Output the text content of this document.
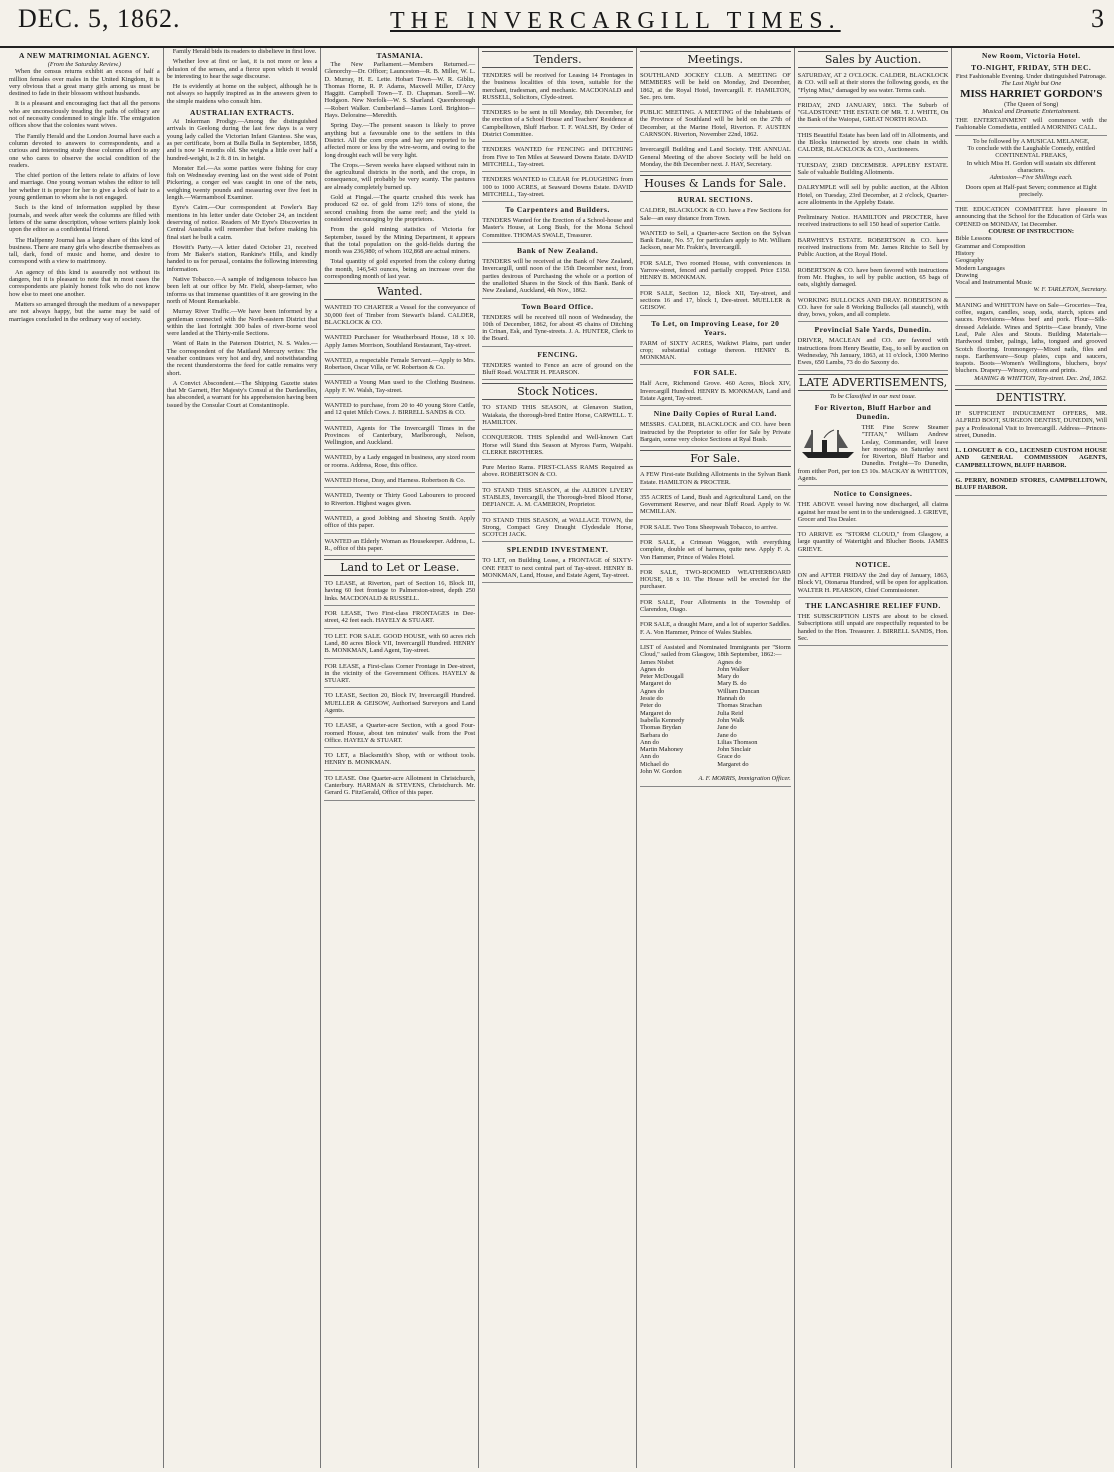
DEC. 5, 1862.	THE INVERCARGILL TIMES.	3
A NEW MATRIMONIAL AGENCY.
(From the Saturday Review.)

When the census returns exhibit an excess of half a million females over males in the United Kingdom, it is very obvious that a great many girls among us must be destined to fade in their blossom without husbands.

It is a pleasant and encouraging fact that all the persons who are unconsciously treading the paths of celibacy are not of necessity condemned to single life. The emigration offices show that the colonies want wives.

The Family Herald and the London Journal have each a column devoted to answers to correspondents, and a curious and interesting study these columns afford to any one who cares to observe the social condition of the readers.

The chief portion of the letters relate to affairs of love and marriage. One young woman wishes the editor to tell her whether it is proper for her to give a lock of hair to a young gentleman to whom she is not engaged.

Such is the kind of information supplied by these journals, and week after week the columns are filled with letters of the same description, whose writers plainly look upon the editor as a confidential friend.

The Halfpenny Journal has a large share of this kind of business. There are many girls who describe themselves as tall, dark, fond of music and home, and desire to correspond with a view to matrimony.

An agency of this kind is assuredly not without its dangers, but it is pleasant to note that in most cases the correspondents are plainly honest folk who do not know how else to meet one another.

Matters so arranged through the medium of a newspaper are not always happy, but the same may be said of marriages concluded in the ordinary way of society.

Family Herald bids its readers to disbelieve in first love.

Whether love at first or last, it is not more or less a delusion of the senses, and a fierce upon which it would be interesting to hear the sage discourse.

He is evidently at home on the subject, although he is not always so happily inspired as in the answers given to the simple maidens who consult him.

AUSTRALIAN EXTRACTS.

At Inkerman Prodigy.—Among the distinguished arrivals in Geelong during the last few days is a very young lady called the Victorian Infant Giantess. She was, as per certificate, born at Bulla Bulla in September, 1858, and is now 14 months old. She weighs a little over half a hundred-weight, is 2 ft. 8 in. in height.

Monster Eel.—As some parties were fishing for cray fish on Wednesday evening last on the west side of Point Pickering, a conger eel was caught in one of the nets, weighing twenty pounds and measuring over five feet in length.—Warrnambool Examiner.

Eyre's Cairn.—Our correspondent at Fowler's Bay mentions in his letter under date October 24, an incident deserving of notice. Readers of Mr Eyre's Discoveries in Central Australia will remember that before making his final start he built a cairn.

Howitt's Party.—A letter dated October 21, received from Mr Baker's station, Rankine's Hills, and kindly handed to us for perusal, contains the following interesting information.

Native Tobacco.—A sample of indigenous tobacco has been left at our office by Mr. Field, sheep-farmer, who informs us that immense quantities of it are growing in the north of Mount Remarkable.

Murray River Traffic.—We have been informed by a gentleman connected with the North-eastern District that within the last fortnight 300 bales of river-borne wool were landed at the Thirty-mile Sections.

Want of Rain in the Paterson District, N. S. Wales.—The correspondent of the Maitland Mercury writes: The weather continues very hot and dry, and notwithstanding the recent thunderstorms the feed for cattle remains very short.

A Convict Abscondent.—The Shipping Gazette states that Mr Garnett, Her Majesty's Consul at the Dardanelles, has absconded, a warrant for his apprehension having been issued by the Consular Court at Constantinople.

TASMANIA.

The New Parliament.—Members Returned.—Glenorchy—Dr. Officer; Launceston—R. B. Miller, W. L. D. Murray, H. E. Lette. Hobart Town—W. R. Giblin, Thomas Horne, R. P. Adams, Maxwell Miller, D'Arcy Haggitt. Campbell Town—T. D. Chapman. Sorell—W. Hodgson. New Norfolk—W. S. Sharland. Queenborough—Robert Walker. Cumberland—James Lord. Brighton—Hays. Deloraine—Meredith.

Spring Day.—The present season is likely to prove anything but a favourable one to the settlers in this District. All the corn crops and hay are reported to be affected more or less by the wire-worm, and owing to the long drought each will be very light.

The Crops.—Seven weeks have elapsed without rain in the agricultural districts in the north, and the crops, in consequence, will probably be very scanty. The pastures are already completely burned up.

Gold at Fingal.—The quartz crushed this week has produced 62 oz. of gold from 12½ tons of stone, the second crushing from the same reef; and the yield is considered encouraging by the proprietors.

From the gold mining statistics of Victoria for September, issued by the Mining Department, it appears that the total population on the gold-fields during the month was 236,980; of whom 102,868 are actual miners.

Total quantity of gold exported from the colony during the month, 146,543 ounces, being an increase over the corresponding month of last year.

Wanted.
WANTED TO CHARTER a Vessel for the conveyance of 30,000 feet of Timber from Stewart's Island. CALDER, BLACKLOCK & CO.
WANTED Purchaser for Weatherboard House, 18 x 10. Apply James Morrison, Southland Restaurant, Tay-street.
WANTED, a respectable Female Servant.—Apply to Mrs. Robertson, Oscar Villa, or W. Robertson & Co.
WANTED a Young Man used to the Clothing Business. Apply F. W. Walsh, Tay-street.
WANTED to purchase, from 20 to 40 young Store Cattle, and 12 quiet Milch Cows. J. BIRRELL SANDS & CO.
WANTED, Agents for The Invercargill Times in the Provinces of Canterbury, Marlborough, Nelson, Wellington, and Auckland.
WANTED, by a Lady engaged in business, any sized room or rooms. Address, Rose, this office.
WANTED Horse, Dray, and Harness. Robertson & Co.
WANTED, Twenty or Thirty Good Labourers to proceed to Riverton. Highest wages given.
WANTED, a good Jobbing and Shoeing Smith. Apply office of this paper.
WANTED an Elderly Woman as Housekeeper. Address, L. R., office of this paper.
Land to Let or Lease.
TO LEASE, at Riverton, part of Section 16, Block III, having 60 feet frontage to Palmerston-street, depth 250 links. MACDONALD & RUSSELL.
FOR LEASE, Two First-class FRONTAGES in Dee-street, 42 feet each. HAYELY & STUART.
TO LET. FOR SALE. GOOD HOUSE, with 60 acres rich Land, 80 acres Block VII, Invercargill Hundred. HENRY B. MONKMAN, Land Agent, Tay-street.
FOR LEASE, a First-class Corner Frontage in Dee-street, in the vicinity of the Government Offices. HAYELY & STUART.
TO LEASE, Section 20, Block IV, Invercargill Hundred. MUELLER & GEISOW, Authorised Surveyors and Land Agents.
TO LEASE, a Quarter-acre Section, with a good Four-roomed House, about ten minutes' walk from the Post Office. HAYELY & STUART.
TO LET, a Blacksmith's Shop, with or without tools. HENRY B. MONKMAN.
TO LEASE. One Quarter-acre Allotment in Christchurch, Canterbury. HARMAN & STEVENS, Christchurch. Mr. Gerard G. FitzGerald, Office of this paper.
Tenders.
TENDERS will be received for Leasing 14 Frontages in the business localities of this town, suitable for the merchant, tradesman, and mechanic. MACDONALD and RUSSELL, Solicitors, Clyde-street.
TENDERS to be sent in till Monday, 8th December, for the erection of a School House and Teachers' Residence at Campbelltown, Bluff Harbor. T. F. WALSH, By Order of District Committee.
TENDERS WANTED for FENCING and DITCHING from Five to Ten Miles at Seaward Downs Estate. DAVID MITCHELL, Tay-street.
TENDERS WANTED to CLEAR for PLOUGHING from 100 to 1000 ACRES, at Seaward Downs Estate. DAVID MITCHELL, Tay-street.
To Carpenters and Builders.
TENDERS Wanted for the Erection of a School-house and Master's House, at Long Bush, for the Mona School Committee. THOMAS SWALE, Treasurer.
Bank of New Zealand.
TENDERS will be received at the Bank of New Zealand, Invercargill, until noon of the 15th December next, from parties desirous of Purchasing the whole or a portion of the unallotted Shares in the Stock of this Bank. Bank of New Zealand, Auckland, 4th Nov., 1862.
Town Board Office.
TENDERS will be received till noon of Wednesday, the 10th of December, 1862, for about 45 chains of Ditching in Crinan, Esk, and Tyne-streets. J. A. HUNTER, Clerk to the Board.
FENCING.
TENDERS wanted to Fence an acre of ground on the Bluff Road. WALTER H. PEARSON.
Stock Notices.
TO STAND THIS SEASON, at Glenavon Station, Waiakaia, the thorough-bred Entire Horse, CARWELL. T. HAMILTON.
CONQUEROR. THIS Splendid and Well-known Cart Horse will Stand this Season at Myross Farm, Waipahi. CLERKE BROTHERS.
Pure Merino Rams. FIRST-CLASS RAMS Required as above. ROBERTSON & CO.
TO STAND THIS SEASON, at the ALBION LIVERY STABLES, Invercargill, the Thorough-bred Blood Horse, DEFIANCE. A. M. CAMERON, Proprietor.
TO STAND THIS SEASON, at WALLACE TOWN, the Strong, Compact Grey Draught Clydesdale Horse, SCOTCH JACK.
SPLENDID INVESTMENT.
TO LET, on Building Lease, a FRONTAGE of SIXTY-ONE FEET to next central part of Tay-street. HENRY B. MONKMAN, Land, House, and Estate Agent, Tay-street.
Meetings.
SOUTHLAND JOCKEY CLUB. A MEETING OF MEMBERS will be held on Monday, 2nd December, 1862, at the Royal Hotel, Invercargill. F. HAMILTON, Sec. pro. tem.
PUBLIC MEETING. A MEETING of the Inhabitants of the Province of Southland will be held on the 27th of December, at the Marine Hotel, Riverton. F. AUSTEN CARNSON. Riverton, November 22nd, 1862.
Invercargill Building and Land Society. THE ANNUAL General Meeting of the above Society will be held on Monday, the 8th December next. J. HAY, Secretary.
Houses & Lands for Sale.
RURAL SECTIONS.
CALDER, BLACKLOCK & CO. have a Few Sections for Sale—an easy distance from Town.
WANTED to Sell, a Quarter-acre Section on the Sylvan Bank Estate, No. 57, for particulars apply to Mr. William Jackson, near Mr. Frakin's, Invercargill.
FOR SALE, Two roomed House, with conveniences in Yarrow-street, fenced and partially cropped. Price £150. HENRY B. MONKMAN.
FOR SALE, Section 12, Block XII, Tay-street, and sections 16 and 17, block I, Dee-street. MUELLER & GEISOW.
To Let, on Improving Lease, for 20 Years.
FARM of SIXTY ACRES, Waikiwi Plains, part under crop; substantial cottage thereon. HENRY B. MONKMAN.
FOR SALE.
Half Acre, Richmond Grove. 460 Acres, Block XIV, Invercargill Hundred. HENRY B. MONKMAN, Land and Estate Agent, Tay-street.
Nine Daily Copies of Rural Land.
MESSRS. CALDER, BLACKLOCK and CO. have been instructed by the Proprietor to offer for Sale by Private Bargain, some very choice Sections at Ryal Bush.
For Sale.
A FEW First-rate Building Allotments in the Sylvan Bank Estate. HAMILTON & PROCTER.
355 ACRES of Land, Bush and Agricultural Land, on the Government Reserve, and near Bluff Road. Apply to W. MCMILLAN.
FOR SALE. Two Tons Sheepwash Tobacco, to arrive.
FOR SALE, a Crimean Waggon, with everything complete, double set of harness, quite new. Apply F. A. Von Hammer, Prince of Wales Hotel.
FOR SALE, TWO-ROOMED WEATHERBOARD HOUSE, 18 x 10. The House will be erected for the purchaser.
FOR SALE, Four Allotments in the Township of Clarendon, Otago.
FOR SALE, a draught Mare, and a lot of superior Saddles. F. A. Von Hammer, Prince of Wales Stables.
LIST of Assisted and Nominated Immigrants per "Storm Cloud," sailed from Glasgow, 18th September, 1862:—
James Nisbet
Agnes do
Peter McDougall
Margaret do
Agnes do
Jessie do
Peter do
Margaret do
Isabella Kennedy
Thomas Brydan
Barbara do
Ann do
Martin Mahoney
Ann do
Michael do
John W. Gordon
Agnes do
John Walker
Mary do
Mary B. do
William Duncan
Hannah do
Thomas Strachan
Julia Reid
John Walk
Jane do
Jane do
Lilias Thomson
John Sinclair
Grace do
Margaret do
A. F. MORRIS, Immigration Officer.
Sales by Auction.
SATURDAY, AT 2 O'CLOCK. CALDER, BLACKLOCK & CO. will sell at their stores the following goods, ex the "Flying Mist," damaged by sea water. Terms cash.
FRIDAY, 2ND JANUARY, 1863. The Suburb of "GLADSTONE" THE ESTATE OF MR. T. J. WHITE, On the Bank of the Waiopai, GREAT NORTH ROAD.
THIS Beautiful Estate has been laid off in Allotments, and the Blocks intersected by streets one chain in width. CALDER, BLACKLOCK & CO., Auctioneers.
TUESDAY, 23RD DECEMBER. APPLEBY ESTATE. Sale of valuable Building Allotments.
DALRYMPLE will sell by public auction, at the Albion Hotel, on Tuesday, 23rd December, at 2 o'clock, Quarter-acre allotments in the Appleby Estate.
Preliminary Notice. HAMILTON and PROCTER, have received instructions to sell 150 head of superior Cattle.
BARWHEYS ESTATE. ROBERTSON & CO. have received instructions from Mr. James Ritchie to Sell by Public Auction, at the Royal Hotel.
ROBERTSON & CO. have been favored with instructions from Mr. Hughes, to sell by public auction, 65 bags of oats, slightly damaged.
WORKING BULLOCKS AND DRAY. ROBERTSON & CO. have for sale 8 Working Bullocks (all staunch), with dray, bows, yokes, and all complete.
Provincial Sale Yards, Dunedin.
DRIVER, MACLEAN and CO. are favored with instructions from Henry Beattie, Esq., to sell by auction on Wednesday, 7th January, 1863, at 11 o'clock, 1300 Merino Ewes, 650 Lambs, 73 do do Saxony do.
LATE ADVERTISEMENTS,
To be Classified in our next issue.
For Riverton, Bluff Harbor and Dunedin.
THE Fine Screw Steamer "TITAN," William Andrew Leslay, Commander, will leave her moorings on Saturday next for Riverton, Bluff Harbor and Dunedin. Freight—To Dunedin, from either Port, per ton £3 10s. MACKAY & WHITTON, Agents.
Notice to Consignees.
THE ABOVE vessel having now discharged, all claims against her must be sent in to the undersigned. J. GRIEVE, Grocer and Tea Dealer.
TO ARRIVE ex "STORM CLOUD," from Glasgow, a large quantity of Watertight and Blucher Boots. JAMES GRIEVE.
NOTICE.
ON and AFTER FRIDAY the 2nd day of January, 1863, Block VI, Otonarua Hundred, will be open for application. WALTER H. PEARSON, Chief Commissioner.
THE LANCASHIRE RELIEF FUND.
THE SUBSCRIPTION LISTS are about to be closed. Subscriptions still unpaid are respectfully requested to be handed to the Hon. Treasurer. J. BIRRELL SANDS, Hon. Sec.
New Room, Victoria Hotel.
TO-NIGHT, FRIDAY, 5TH DEC.
First Fashionable Evening. Under distinguished Patronage.
The Last Night but One
MISS HARRIET GORDON'S
(The Queen of Song)
Musical and Dramatic Entertainment.
THE ENTERTAINMENT will commence with the Fashionable Comedietta, entitled A MORNING CALL.
To be followed by A MUSICAL MELANGE,
To conclude with the Laughable Comedy, entitled CONTINENTAL FREAKS,
In which Miss H. Gordon will sustain six different characters.
Admission—Five Shillings each.
Doors open at Half-past Seven; commence at Eight precisely.
THE EDUCATION COMMITTEE have pleasure in announcing that the School for the Education of Girls was OPENED on MONDAY, 1st December.
COURSE OF INSTRUCTION:
Bible Lessons
Grammar and Composition
History
Geography
Modern Languages
Drawing
Vocal and Instrumental Music
W. F. TARLETON, Secretary.
MANING and WHITTON have on Sale—Groceries—Tea, coffee, sugars, candles, soap, soda, starch, spices and sauces. Provisions—Mess beef and pork. Flour—Silk-dressed Adelaide. Wines and Spirits—Case brandy, Vine Leaf, Pale Ales and Stouts. Building Materials—Hardwood timber, palings, laths, tongued and grooved Scotch flooring. Ironmongery—Mixed nails, files and rasps. Earthenware—Soup plates, cups and saucers, teapots. Boots—Women's Wellingtons, bluchers, boys' bluchers. Drapery—Wincey, cottons and prints.
MANING & WHITTON, Tay-street. Dec. 2nd, 1862.
DENTISTRY.
IF SUFFICIENT INDUCEMENT OFFERS, MR. ALFRED BOOT, SURGEON DENTIST, DUNEDIN, Will pay a Professional Visit to Invercargill. Address—Princes-street, Dunedin.
L. LONGUET & CO., LICENSED CUSTOM HOUSE AND GENERAL COMMISSION AGENTS, CAMPBELLTOWN, BLUFF HARBOR.
G. PERRY, BONDED STORES, CAMPBELLTOWN, BLUFF HARBOR.
